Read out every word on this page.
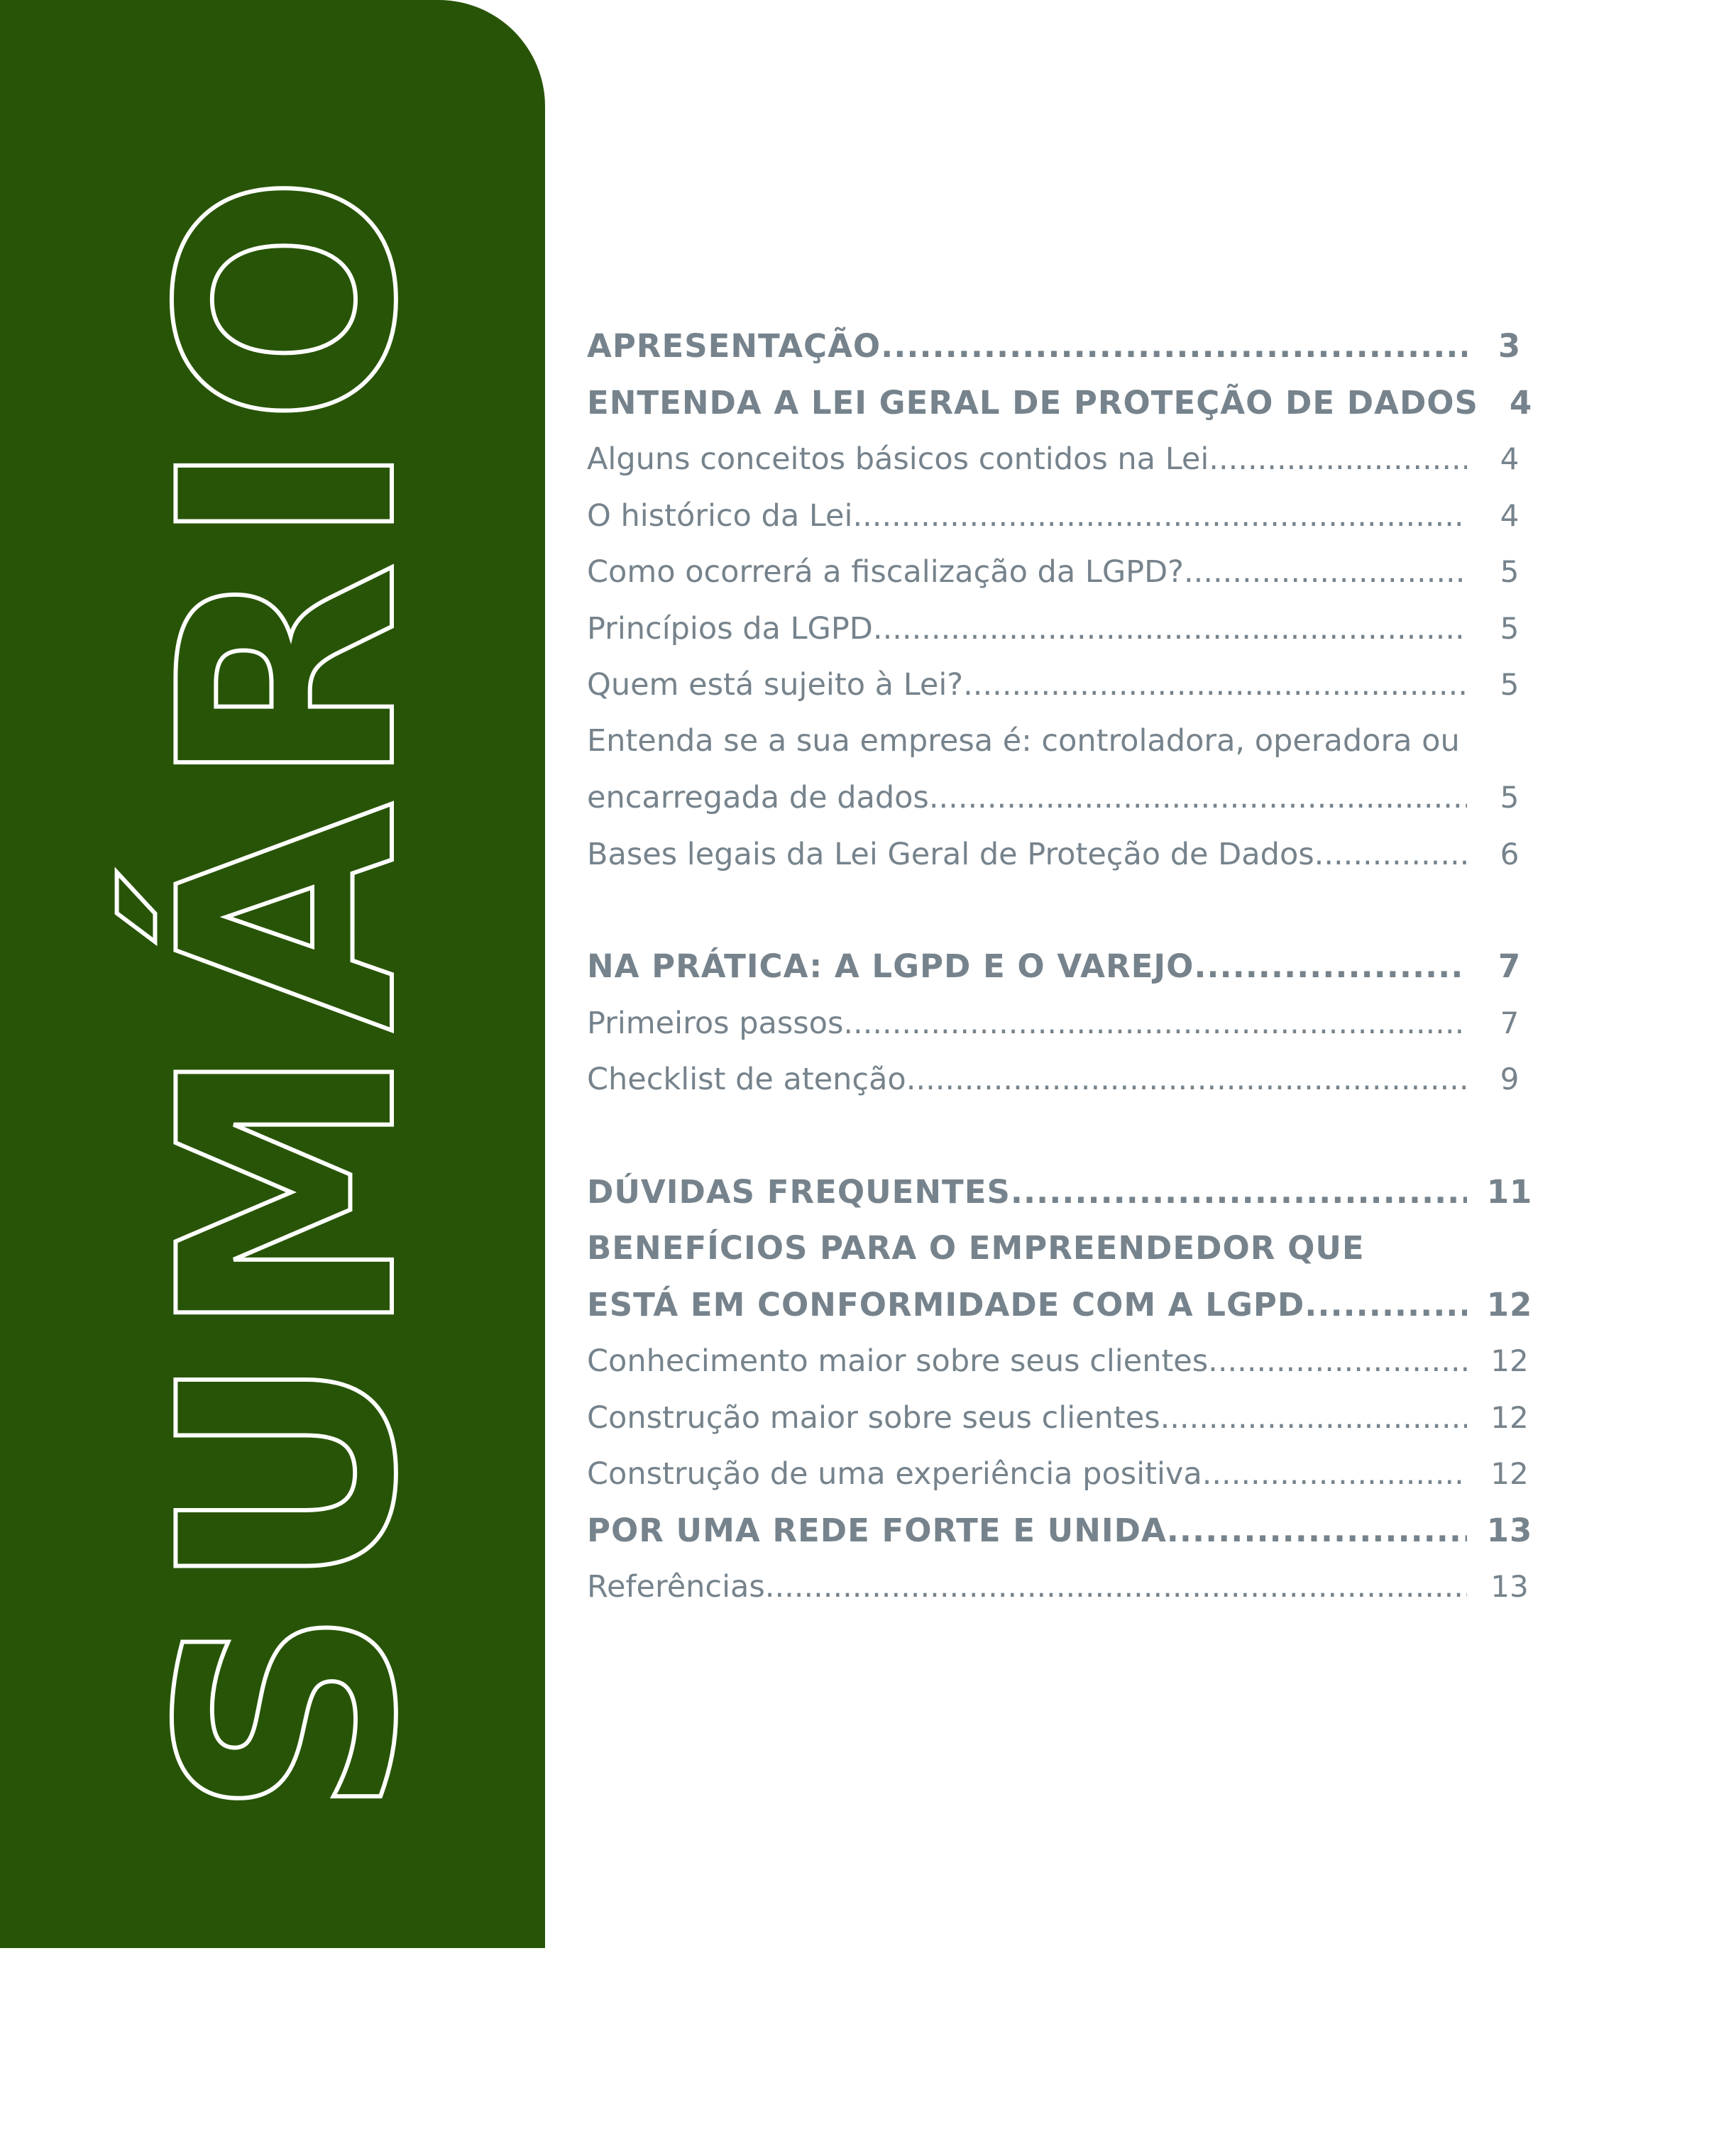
SUMÁRIO	APRESENTAÇÃO .....	3
ENTENDA A LEI GERAL DE PROTEÇÃO DE DADOS 4
Alguns conceitos básicos contidos na Lei .....	4
O histórico da Lei .....	4
Como ocorrerá a fiscalização da LGPD? .....	5
Princípios da LGPD .....	5
Quem está sujeito à Lei? .....	5
Entenda se a sua empresa é: controladora, operadora ou
encarregada de dados .....	5
Bases legais da Lei Geral de Proteção de Dados .....	6
NA PRÁTICA: A LGPD E O VAREJO .....	7
Primeiros passos .....	7
Checklist de atenção .....	9
DÚVIDAS FREQUENTES .....	11
BENEFÍCIOS PARA O EMPREENDEDOR QUE
ESTÁ EM CONFORMIDADE COM A LGPD .....	12
Conhecimento maior sobre seus clientes .....	12
Construção maior sobre seus clientes .....	12
Construção de uma experiência positiva .....	12
POR UMA REDE FORTE E UNIDA .....	13
Referências .....	13
